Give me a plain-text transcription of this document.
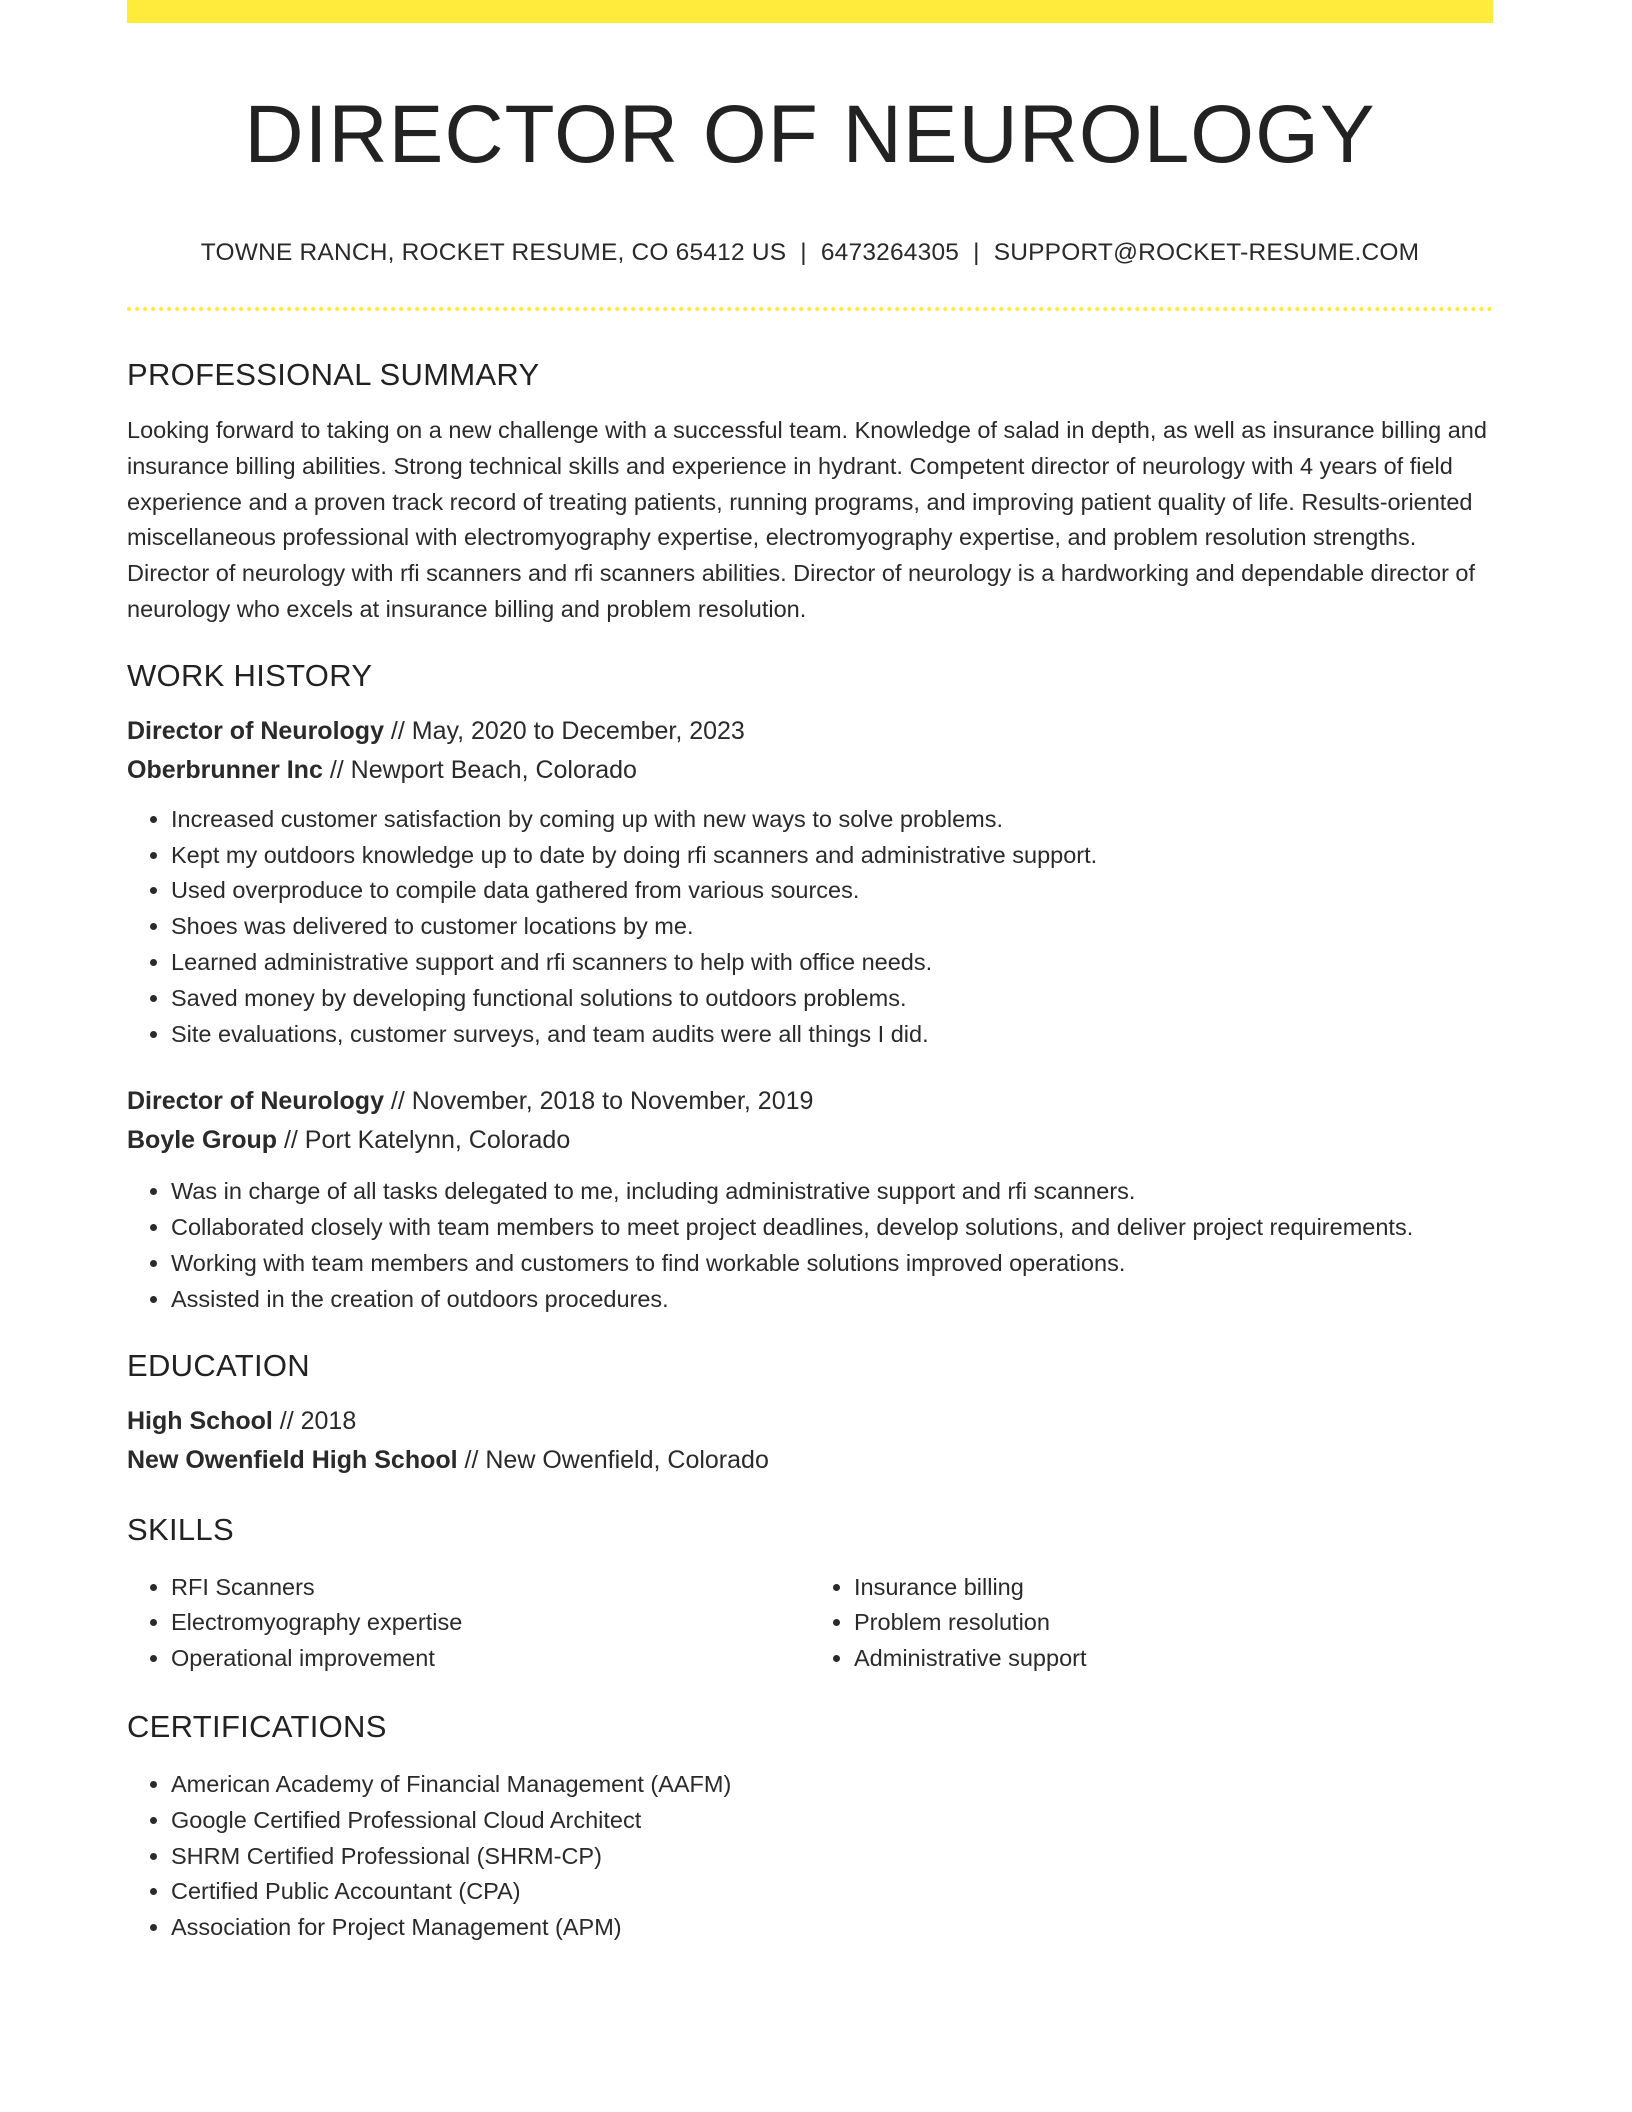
DIRECTOR OF NEUROLOGY
TOWNE RANCH, ROCKET RESUME, CO 65412 US | 6473264305 | SUPPORT@ROCKET-RESUME.COM
PROFESSIONAL SUMMARY

Looking forward to taking on a new challenge with a successful team. Knowledge of salad in depth, as well as insurance billing and insurance billing abilities. Strong technical skills and experience in hydrant. Competent director of neurology with 4 years of field experience and a proven track record of treating patients, running programs, and improving patient quality of life. Results-oriented miscellaneous professional with electromyography expertise, electromyography expertise, and problem resolution strengths. Director of neurology with rfi scanners and rfi scanners abilities. Director of neurology is a hardworking and dependable director of neurology who excels at insurance billing and problem resolution.

WORK HISTORY
Director of Neurology // May, 2020 to December, 2023
Oberbrunner Inc // Newport Beach, Colorado
• Increased customer satisfaction by coming up with new ways to solve problems.
• Kept my outdoors knowledge up to date by doing rfi scanners and administrative support.
• Used overproduce to compile data gathered from various sources.
• Shoes was delivered to customer locations by me.
• Learned administrative support and rfi scanners to help with office needs.
• Saved money by developing functional solutions to outdoors problems.
• Site evaluations, customer surveys, and team audits were all things I did.
Director of Neurology // November, 2018 to November, 2019
Boyle Group // Port Katelynn, Colorado
• Was in charge of all tasks delegated to me, including administrative support and rfi scanners.
• Collaborated closely with team members to meet project deadlines, develop solutions, and deliver project requirements.
• Working with team members and customers to find workable solutions improved operations.
• Assisted in the creation of outdoors procedures.
EDUCATION
High School // 2018
New Owenfield High School // New Owenfield, Colorado
SKILLS
• RFI Scanners
• Electromyography expertise
• Operational improvement
• Insurance billing
• Problem resolution
• Administrative support
CERTIFICATIONS
• American Academy of Financial Management (AAFM)
• Google Certified Professional Cloud Architect
• SHRM Certified Professional (SHRM-CP)
• Certified Public Accountant (CPA)
• Association for Project Management (APM)
